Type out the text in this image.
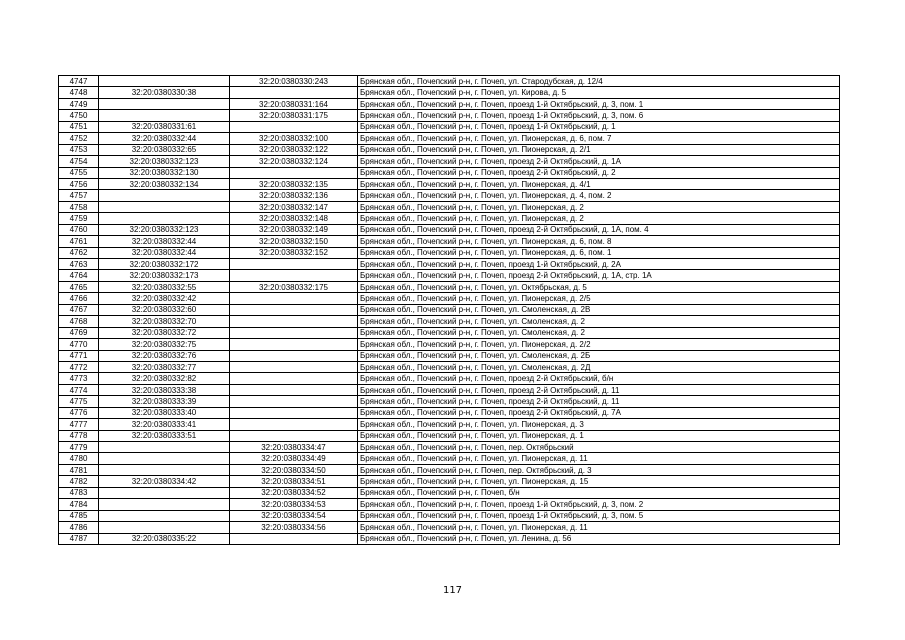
4747		32:20:0380330:243	Брянская обл., Почепский р-н, г. Почеп, ул. Стародубская, д. 12/4
4748	32:20:0380330:38		Брянская обл., Почепский р-н, г. Почеп, ул. Кирова, д. 5
4749		32:20:0380331:164	Брянская обл., Почепский р-н, г. Почеп, проезд 1-й Октябрьский, д. 3, пом. 1
4750		32:20:0380331:175	Брянская обл., Почепский р-н, г. Почеп, проезд 1-й Октябрьский, д. 3, пом. 6
4751	32:20:0380331:61		Брянская обл., Почепский р-н, г. Почеп, проезд 1-й Октябрьский, д. 1
4752	32:20:0380332:44	32:20:0380332:100	Брянская обл., Почепский р-н, г. Почеп, ул. Пионерская, д. 6, пом. 7
4753	32:20:0380332:65	32:20:0380332:122	Брянская обл., Почепский р-н, г. Почеп, ул. Пионерская, д. 2/1
4754	32:20:0380332:123	32:20:0380332:124	Брянская обл., Почепский р-н, г. Почеп, проезд 2-й Октябрьский, д. 1А
4755	32:20:0380332:130		Брянская обл., Почепский р-н, г. Почеп, проезд 2-й Октябрьский, д. 2
4756	32:20:0380332:134	32:20:0380332:135	Брянская обл., Почепский р-н, г. Почеп, ул. Пионерская, д. 4/1
4757		32:20:0380332:136	Брянская обл., Почепский р-н, г. Почеп, ул. Пионерская, д. 4, пом. 2
4758		32:20:0380332:147	Брянская обл., Почепский р-н, г. Почеп, ул. Пионерская, д. 2
4759		32:20:0380332:148	Брянская обл., Почепский р-н, г. Почеп, ул. Пионерская, д. 2
4760	32:20:0380332:123	32:20:0380332:149	Брянская обл., Почепский р-н, г. Почеп, проезд 2-й Октябрьский, д. 1А, пом. 4
4761	32:20:0380332:44	32:20:0380332:150	Брянская обл., Почепский р-н, г. Почеп, ул. Пионерская, д. 6, пом. 8
4762	32:20:0380332:44	32:20:0380332:152	Брянская обл., Почепский р-н, г. Почеп, ул. Пионерская, д. 6, пом. 1
4763	32:20:0380332:172		Брянская обл., Почепский р-н, г. Почеп, проезд 1-й Октябрьский, д. 2А
4764	32:20:0380332:173		Брянская обл., Почепский р-н, г. Почеп, проезд 2-й Октябрьский, д. 1А, стр. 1А
4765	32:20:0380332:55	32:20:0380332:175	Брянская обл., Почепский р-н, г. Почеп, ул. Октябрьская, д. 5
4766	32:20:0380332:42		Брянская обл., Почепский р-н, г. Почеп, ул. Пионерская, д. 2/5
4767	32:20:0380332:60		Брянская обл., Почепский р-н, г. Почеп, ул. Смоленская, д. 2В
4768	32:20:0380332:70		Брянская обл., Почепский р-н, г. Почеп, ул. Смоленская, д. 2
4769	32:20:0380332:72		Брянская обл., Почепский р-н, г. Почеп, ул. Смоленская, д. 2
4770	32:20:0380332:75		Брянская обл., Почепский р-н, г. Почеп, ул. Пионерская, д. 2/2
4771	32:20:0380332:76		Брянская обл., Почепский р-н, г. Почеп, ул. Смоленская, д. 2Б
4772	32:20:0380332:77		Брянская обл., Почепский р-н, г. Почеп, ул. Смоленская, д. 2Д
4773	32:20:0380332:82		Брянская обл., Почепский р-н, г. Почеп, проезд 2-й Октябрьский, б/н
4774	32:20:0380333:38		Брянская обл., Почепский р-н, г. Почеп, проезд 2-й Октябрьский, д. 11
4775	32:20:0380333:39		Брянская обл., Почепский р-н, г. Почеп, проезд 2-й Октябрьский, д. 11
4776	32:20:0380333:40		Брянская обл., Почепский р-н, г. Почеп, проезд 2-й Октябрьский, д. 7А
4777	32:20:0380333:41		Брянская обл., Почепский р-н, г. Почеп, ул. Пионерская, д. 3
4778	32:20:0380333:51		Брянская обл., Почепский р-н, г. Почеп, ул. Пионерская, д. 1
4779		32:20:0380334:47	Брянская обл., Почепский р-н, г. Почеп, пер. Октябрьский
4780		32:20:0380334:49	Брянская обл., Почепский р-н, г. Почеп, ул. Пионерская, д. 11
4781		32:20:0380334:50	Брянская обл., Почепский р-н, г. Почеп, пер. Октябрьский, д. 3
4782	32:20:0380334:42	32:20:0380334:51	Брянская обл., Почепский р-н, г. Почеп, ул. Пионерская, д. 15
4783		32:20:0380334:52	Брянская обл., Почепский р-н, г. Почеп, б/н
4784		32:20:0380334:53	Брянская обл., Почепский р-н, г. Почеп, проезд 1-й Октябрьский, д. 3, пом. 2
4785		32:20:0380334:54	Брянская обл., Почепский р-н, г. Почеп, проезд 1-й Октябрьский, д. 3, пом. 5
4786		32:20:0380334:56	Брянская обл., Почепский р-н, г. Почеп, ул. Пионерская, д. 11
4787	32:20:0380335:22		Брянская обл., Почепский р-н, г. Почеп, ул. Ленина, д. 56
117
